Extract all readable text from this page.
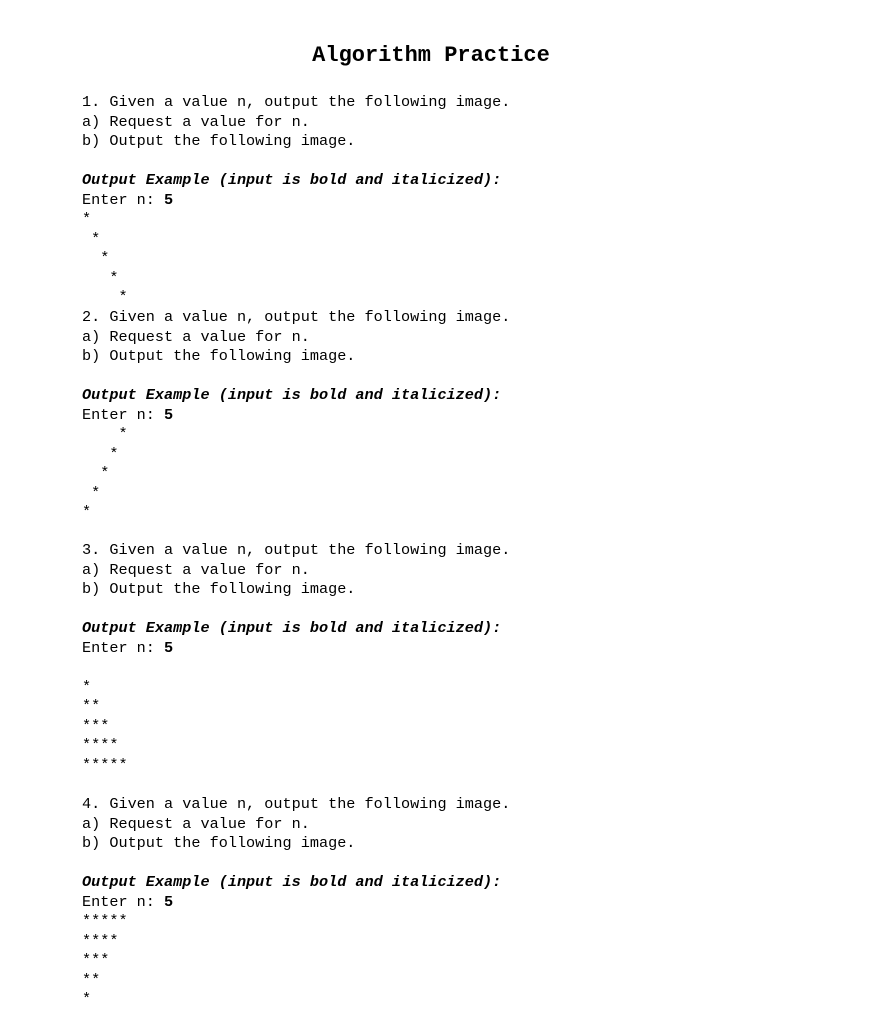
Algorithm Practice
1. Given a value n, output the following image.
a) Request a value for n.
b) Output the following image.
Output Example (input is bold and italicized):
Enter n: 5
*
*
*
*
*
2. Given a value n, output the following image.
a) Request a value for n.
b) Output the following image.
Output Example (input is bold and italicized):
Enter n: 5
*
*
*
*
*
3. Given a value n, output the following image.
a) Request a value for n.
b) Output the following image.
Output Example (input is bold and italicized):
Enter n: 5
*
**
***
****
*****
4. Given a value n, output the following image.
a) Request a value for n.
b) Output the following image.
Output Example (input is bold and italicized):
Enter n: 5
*****
****
***
**
*
